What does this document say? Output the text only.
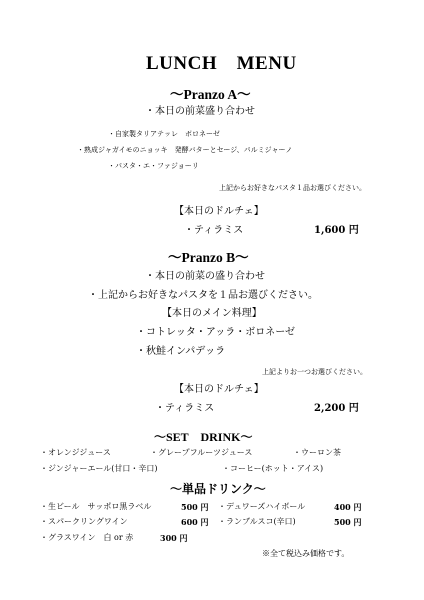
LUNCH　MENU
～Pranzo A～
・本日の前菜盛り合わせ
・自家製タリアテッレ　ボロネーゼ
・熟成ジャガイモのニョッキ　発酵バターとセージ、パルミジャーノ
・パスタ・エ・ファジョーリ
上記からお好きなパスタ１品お選びください。
【本日のドルチェ】
・ティラミス	1,600 円
～Pranzo B～
・本日の前菜の盛り合わせ
・上記からお好きなパスタを１品お選びください。
【本日のメイン料理】
・コトレッタ・アッラ・ボロネーゼ
・秋鮭インパデッラ
上記よりお一つお選びください。
【本日のドルチェ】
・ティラミス	2,200 円
～SET　DRINK～
・オレンジジュース	・グレープフルーツジュース	・ウーロン茶
・ジンジャーエール(甘口・辛口)	・コーヒー(ホット・アイス)
～単品ドリンク～
・生ビール　サッポロ黒ラベル	500 円 ・デュワーズハイボール	400 円
・スパークリングワイン	600 円 ・ランブルスコ(辛口)	500 円
・グラスワイン　白 or 赤	300 円
※全て税込み価格です。
